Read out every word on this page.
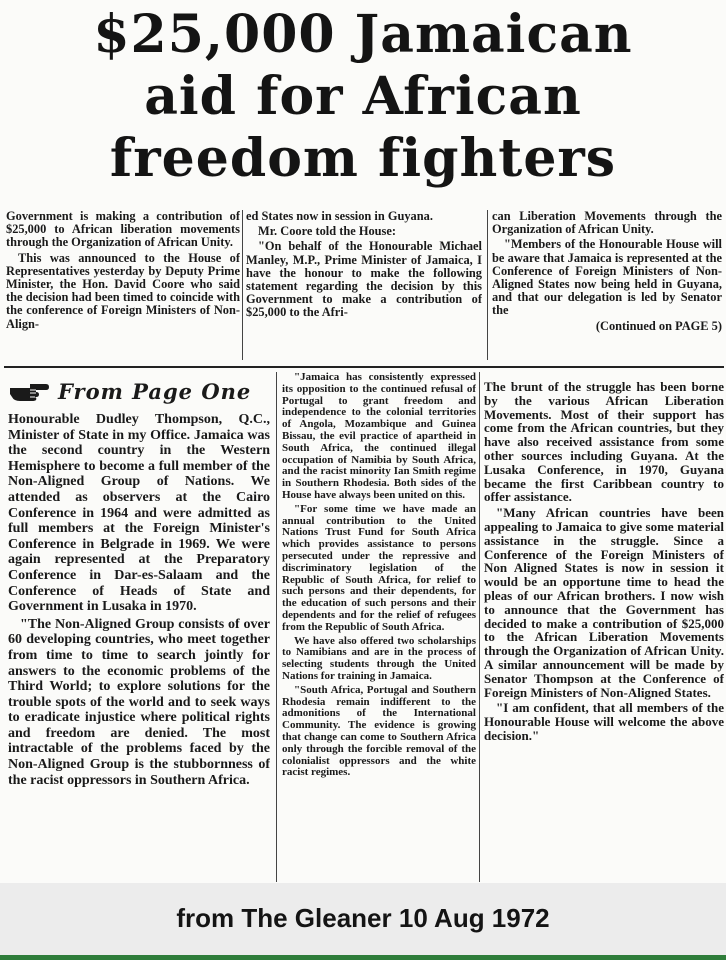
$25,000 Jamaican aid for African freedom fighters

Government is making a contribution of $25,000 to African liberation movements through the Organization of African Unity.

This was announced to the House of Representatives yesterday by Deputy Prime Minister, the Hon. David Coore who said the decision had been timed to coincide with the conference of Foreign Ministers of Non-Align-

ed States now in session in Guyana.

Mr. Coore told the House:

"On behalf of the Honourable Michael Manley, M.P., Prime Minister of Jamaica, I have the honour to make the following statement regarding the decision by this Government to make a contribution of $25,000 to the Afri-

can Liberation Movements through the Organization of African Unity.

"Members of the Honourable House will be aware that Jamaica is represented at the Conference of Foreign Ministers of Non-Aligned States now being held in Guyana, and that our delegation is led by Senator the

(Continued on PAGE 5)
From Page One

Honourable Dudley Thompson, Q.C., Minister of State in my Office. Jamaica was the second country in the Western Hemisphere to become a full member of the Non-Aligned Group of Nations. We attended as observers at the Cairo Conference in 1964 and were admitted as full members at the Foreign Minister's Conference in Belgrade in 1969. We were again represented at the Preparatory Conference in Dar-es-Salaam and the Conference of Heads of State and Government in Lusaka in 1970.

"The Non-Aligned Group consists of over 60 developing countries, who meet together from time to time to search jointly for answers to the economic problems of the Third World; to explore solutions for the trouble spots of the world and to seek ways to eradicate injustice where political rights and freedom are denied. The most intractable of the problems faced by the Non-Aligned Group is the stubbornness of the racist oppressors in Southern Africa.

"Jamaica has consistently expressed its opposition to the continued refusal of Portugal to grant freedom and independence to the colonial territories of Angola, Mozambique and Guinea Bissau, the evil practice of apartheid in South Africa, the continued illegal occupation of Namibia by South Africa, and the racist minority Ian Smith regime in Southern Rhodesia. Both sides of the House have always been united on this.

"For some time we have made an annual contribution to the United Nations Trust Fund for South Africa which provides assistance to persons persecuted under the repressive and discriminatory legislation of the Republic of South Africa, for relief to such persons and their dependents, for the education of such persons and their dependents and for the relief of refugees from the Republic of South Africa.

We have also offered two scholarships to Namibians and are in the process of selecting students through the United Nations for training in Jamaica.

"South Africa, Portugal and Southern Rhodesia remain indifferent to the admonitions of the International Community. The evidence is growing that change can come to Southern Africa only through the forcible removal of the colonialist oppressors and the white racist regimes.

The brunt of the struggle has been borne by the various African Liberation Movements. Most of their support has come from the African countries, but they have also received assistance from some other sources including Guyana. At the Lusaka Conference, in 1970, Guyana became the first Caribbean country to offer assistance.

"Many African countries have been appealing to Jamaica to give some material assistance in the struggle. Since a Conference of the Foreign Ministers of Non Aligned States is now in session it would be an opportune time to head the pleas of our African brothers. I now wish to announce that the Government has decided to make a contribution of $25,000 to the African Liberation Movements through the Organization of African Unity. A similar announcement will be made by Senator Thompson at the Conference of Foreign Ministers of Non-Aligned States.

"I am confident, that all members of the Honourable House will welcome the above decision."

from The Gleaner 10 Aug 1972
